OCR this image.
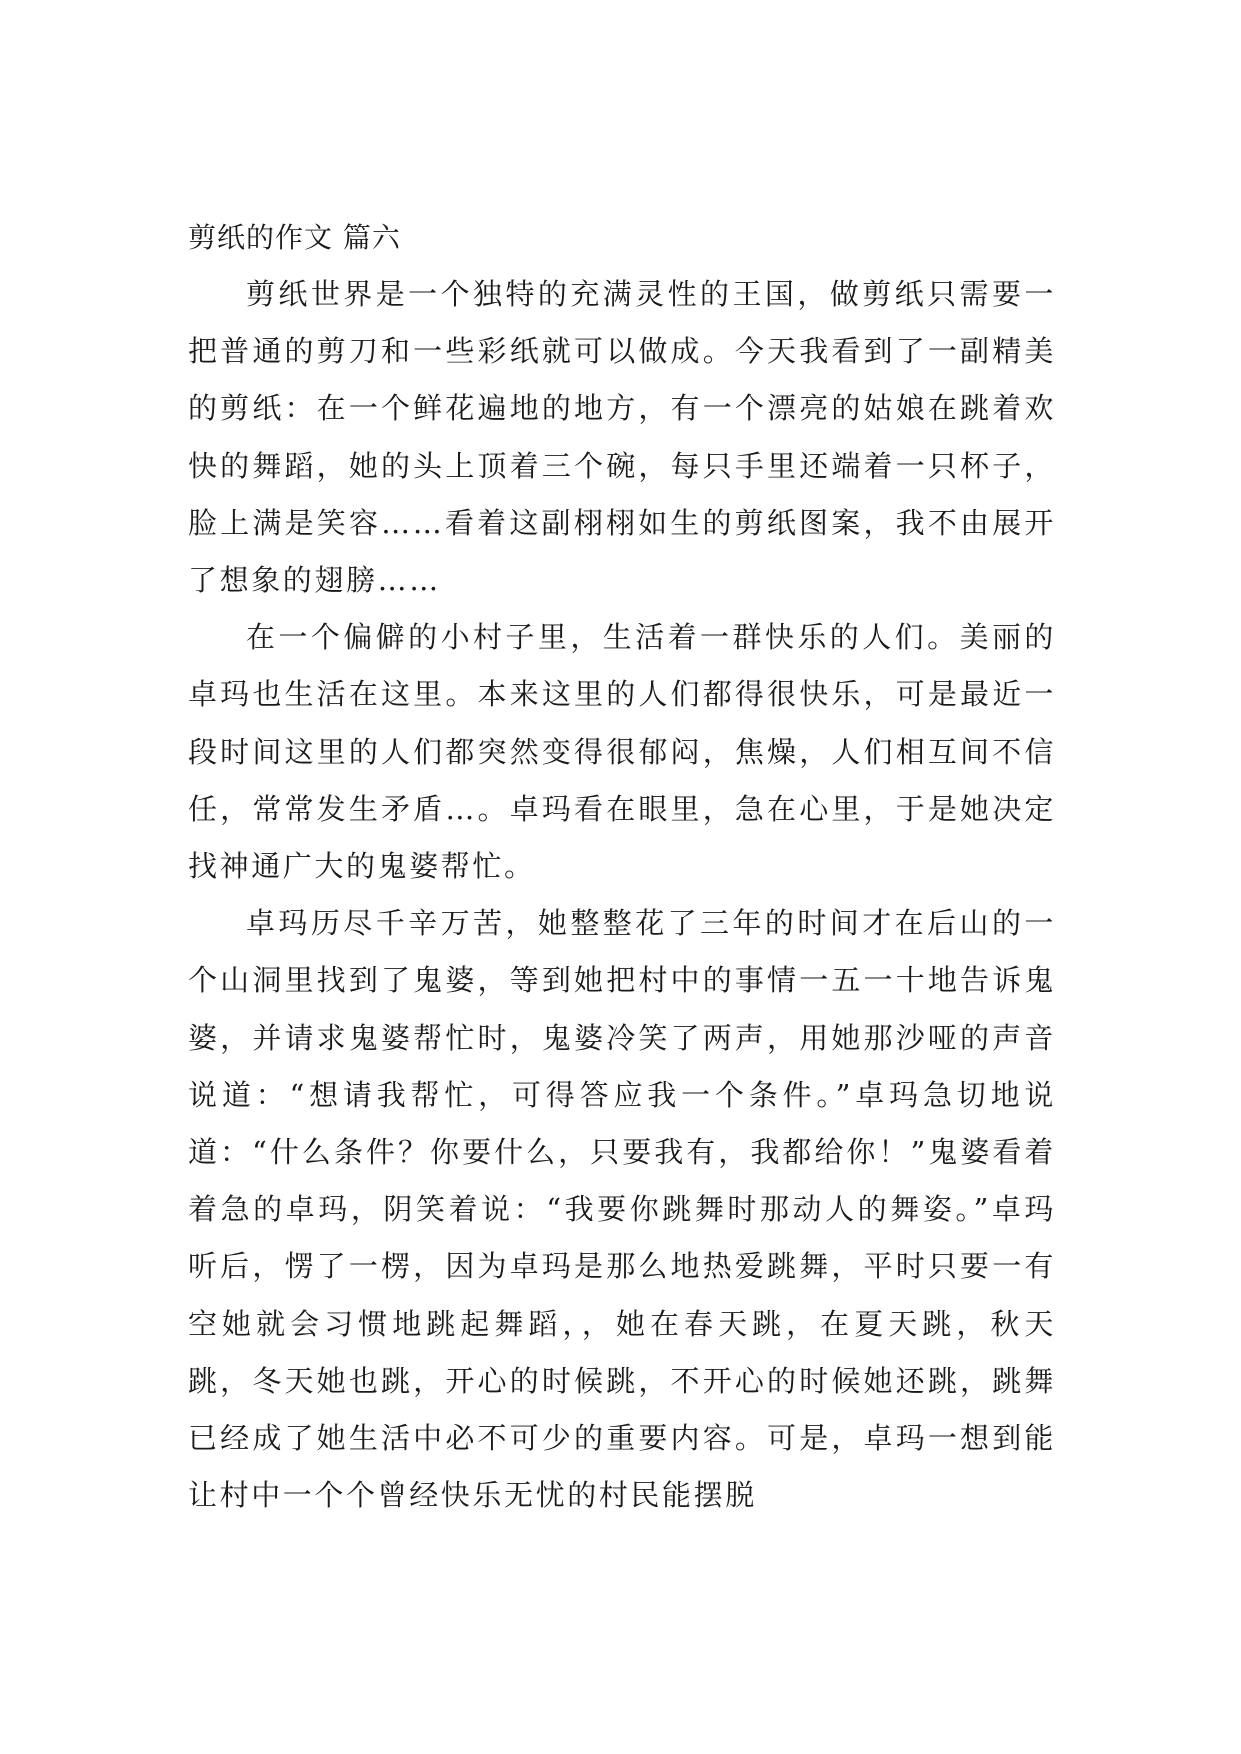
剪纸的作文 篇六

剪纸世界是一个独特的充满灵性的王国，做剪纸只需要一把普通的剪刀和一些彩纸就可以做成。今天我看到了一副精美的剪纸：在一个鲜花遍地的地方，有一个漂亮的姑娘在跳着欢快的舞蹈，她的头上顶着三个碗，每只手里还端着一只杯子，脸上满是笑容……看着这副栩栩如生的剪纸图案，我不由展开了想象的翅膀……

在一个偏僻的小村子里，生活着一群快乐的人们。美丽的卓玛也生活在这里。本来这里的人们都得很快乐，可是最近一段时间这里的人们都突然变得很郁闷，焦燥，人们相互间不信任，常常发生矛盾…。卓玛看在眼里，急在心里，于是她决定找神通广大的鬼婆帮忙。

卓玛历尽千辛万苦，她整整花了三年的时间才在后山的一个山洞里找到了鬼婆，等到她把村中的事情一五一十地告诉鬼婆，并请求鬼婆帮忙时，鬼婆冷笑了两声，用她那沙哑的声音说道：“想请我帮忙，可得答应我一个条件。”卓玛急切地说道：“什么条件？你要什么，只要我有，我都给你！”鬼婆看着着急的卓玛，阴笑着说：“我要你跳舞时那动人的舞姿。”卓玛听后，愣了一楞，因为卓玛是那么地热爱跳舞，平时只要一有空她就会习惯地跳起舞蹈，，她在春天跳，在夏天跳，秋天跳，冬天她也跳，开心的时候跳，不开心的时候她还跳，跳舞已经成了她生活中必不可少的重要内容。可是，卓玛一想到能让村中一个个曾经快乐无忧的村民能摆脱
